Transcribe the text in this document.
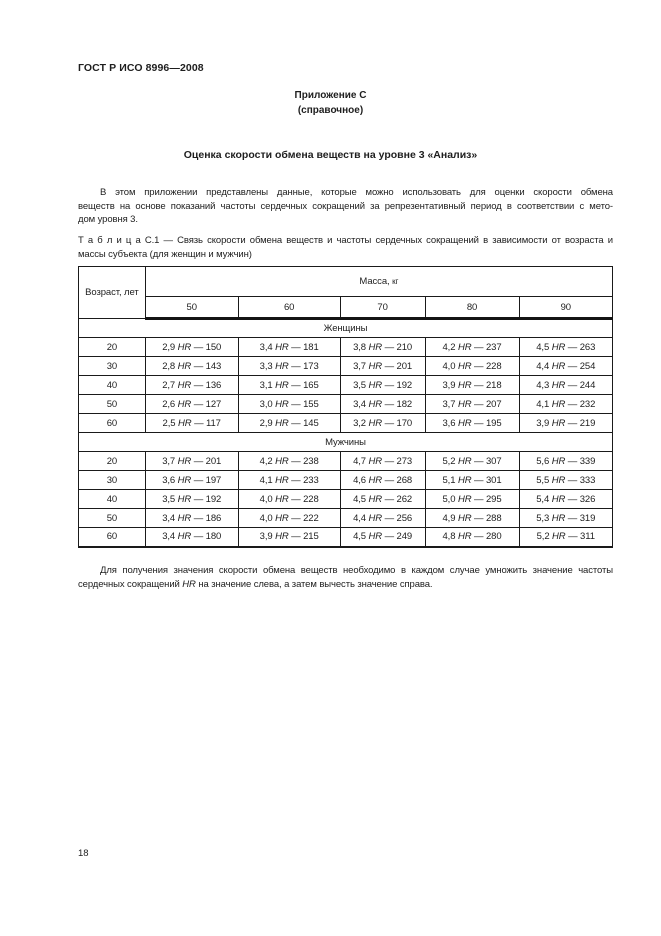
ГОСТ Р ИСО 8996—2008
Приложение С
(справочное)
Оценка скорости обмена веществ на уровне 3 «Анализ»
В этом приложении представлены данные, которые можно использовать для оценки скорости обмена
веществ на основе показаний частоты сердечных сокращений за репрезентативный период в соответствии с мето-
дом уровня 3.
Т а б л и ц а С.1 — Связь скорости обмена веществ и частоты сердечных сокращений в зависимости от возраста и
массы субъекта (для женщин и мужчин)
Возраст, лет	Масса, кг				
	50	60	70	80	90
Женщины					
20	2,9 HR — 150	3,4 HR — 181	3,8 HR — 210	4,2 HR — 237	4,5 HR — 263
30	2,8 HR — 143	3,3 HR — 173	3,7 HR — 201	4,0 HR — 228	4,4 HR — 254
40	2,7 HR — 136	3,1 HR — 165	3,5 HR — 192	3,9 HR — 218	4,3 HR — 244
50	2,6 HR — 127	3,0 HR — 155	3,4 HR — 182	3,7 HR — 207	4,1 HR — 232
60	2,5 HR — 117	2,9 HR — 145	3,2 HR — 170	3,6 HR — 195	3,9 HR — 219
Мужчины					
20	3,7 HR — 201	4,2 HR — 238	4,7 HR — 273	5,2 HR — 307	5,6 HR — 339
30	3,6 HR — 197	4,1 HR — 233	4,6 HR — 268	5,1 HR — 301	5,5 HR — 333
40	3,5 HR — 192	4,0 HR — 228	4,5 HR — 262	5,0 HR — 295	5,4 HR — 326
50	3,4 HR — 186	4,0 HR — 222	4,4 HR — 256	4,9 HR — 288	5,3 HR — 319
60	3,4 HR — 180	3,9 HR — 215	4,5 HR — 249	4,8 HR — 280	5,2 HR — 311
Для получения значения скорости обмена веществ необходимо в каждом случае умножить значение частоты
сердечных сокращений HR на значение слева, а затем вычесть значение справа.
18
